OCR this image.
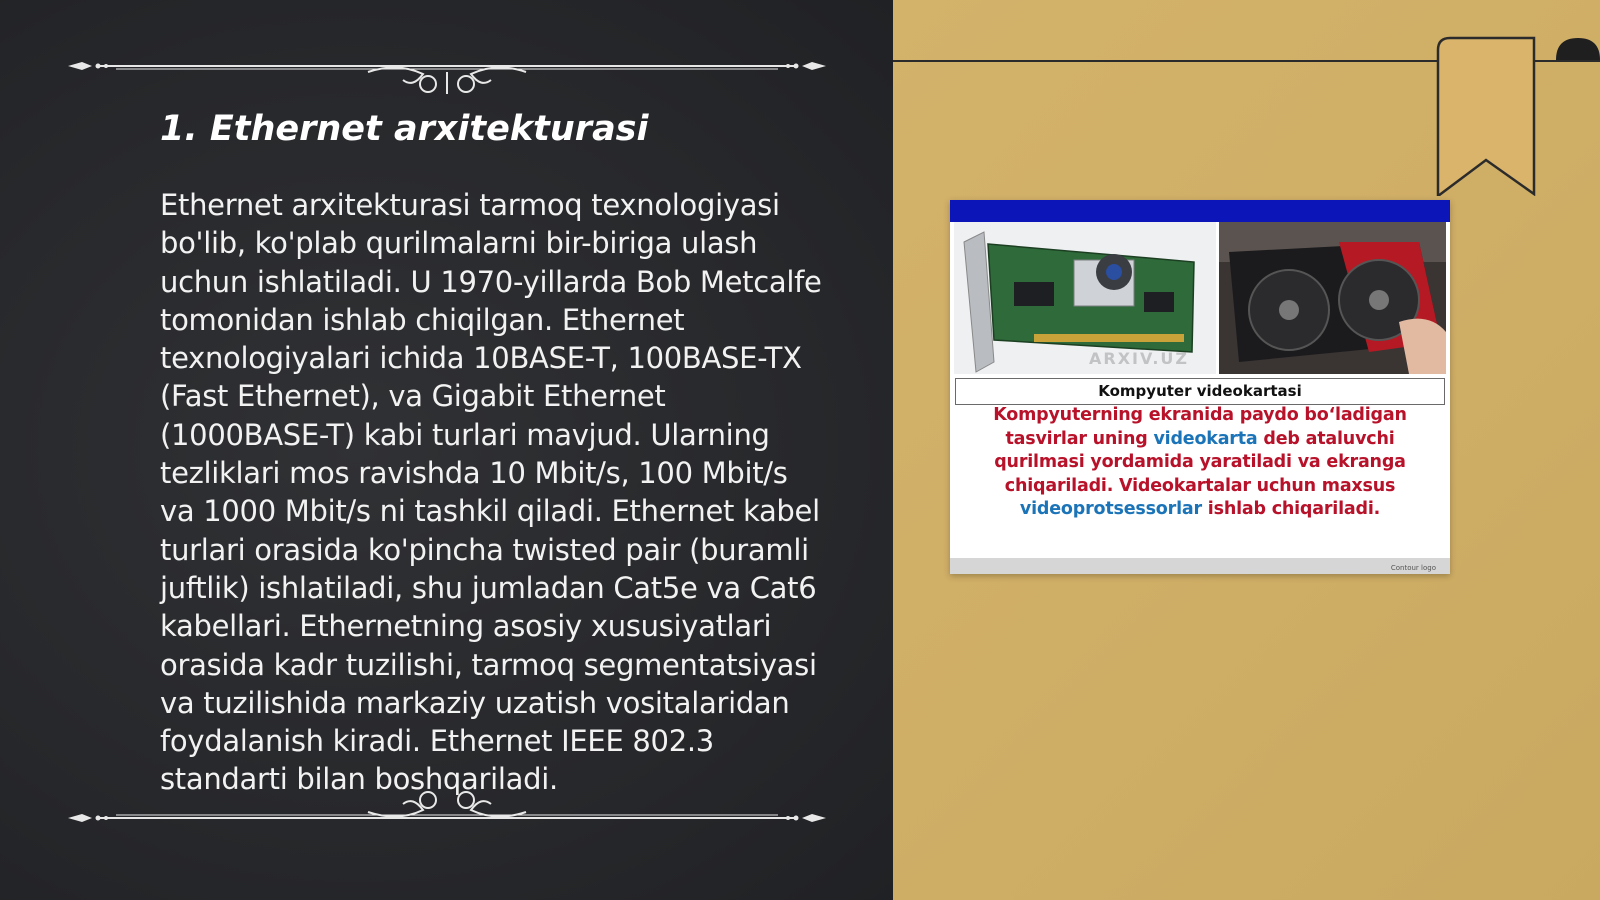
1. Ethernet arxitekturasi

Ethernet arxitekturasi tarmoq texnologiyasi bo'lib, ko'plab qurilmalarni bir-biriga ulash uchun ishlatiladi. U 1970-yillarda Bob Metcalfe tomonidan ishlab chiqilgan. Ethernet texnologiyalari ichida 10BASE-T, 100BASE-TX (Fast Ethernet), va Gigabit Ethernet (1000BASE-T) kabi turlari mavjud. Ularning tezliklari mos ravishda 10 Mbit/s, 100 Mbit/s va 1000 Mbit/s ni tashkil qiladi. Ethernet kabel turlari orasida ko'pincha twisted pair (buramli juftlik) ishlatiladi, shu jumladan Cat5e va Cat6 kabellari. Ethernetning asosiy xususiyatlari orasida kadr tuzilishi, tarmoq segmentatsiyasi va tuzilishida markaziy uzatish vositalaridan foydalanish kiradi. Ethernet IEEE 802.3 standarti bilan boshqariladi.

ARXIV.UZ
Kompyuter videokartasi

Kompyuterning ekranida paydo bo‘ladigan tasvirlar uning videokarta deb ataluvchi qurilmasi yordamida yaratiladi va ekranga chiqariladi. Videokartalar uchun maxsus videoprotsessorlar ishlab chiqariladi.

Contour logo
